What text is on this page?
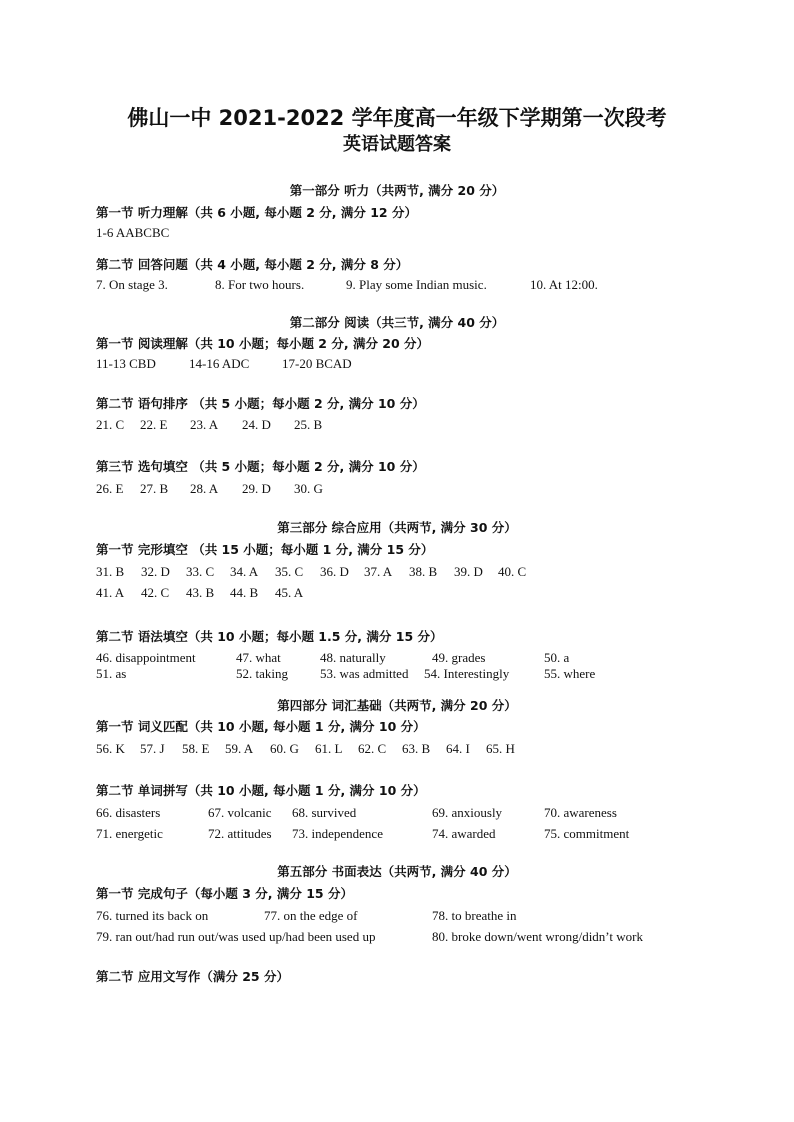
佛山一中 2021-2022 学年度高一年级下学期第一次段考
英语试题答案
第一部分 听力（共两节, 满分 20 分）
第一节 听力理解（共 6 小题, 每小题 2 分, 满分 12 分）
1-6 AABCBC
第二节 回答问题（共 4 小题, 每小题 2 分, 满分 8 分）
7. On stage 3.	8. For two hours.	9. Play some Indian music.	10. At 12:00.
第二部分 阅读（共三节, 满分 40 分）
第一节 阅读理解（共 10 小题；每小题 2 分, 满分 20 分）
11-13 CBD	14-16 ADC	17-20 BCAD
第二节 语句排序 （共 5 小题；每小题 2 分, 满分 10 分）
21. C 22. E 23. A 24. D 25. B
第三节 选句填空 （共 5 小题；每小题 2 分, 满分 10 分）
26. E 27. B 28. A 29. D 30. G
第三部分 综合应用（共两节, 满分 30 分）
第一节 完形填空 （共 15 小题；每小题 1 分, 满分 15 分）
31. B 32. D 33. C 34. A 35. C 36. D 37. A 38. B 39. D 40. C
41. A 42. C 43. B 44. B 45. A
第二节 语法填空（共 10 小题；每小题 1.5 分, 满分 15 分）
46. disappointment	47. what	48. naturally	49. grades	50. a
51. as	52. taking 53. was admitted 54. Interestingly	55. where
第四部分 词汇基础（共两节, 满分 20 分）
第一节 词义匹配（共 10 小题, 每小题 1 分, 满分 10 分）
56. K 57. J 58. E 59. A 60. G 61. L 62. C 63. B 64. I 65. H
第二节 单词拼写（共 10 小题, 每小题 1 分, 满分 10 分）
66. disasters	67. volcanic 68. survived	69. anxiously	70. awareness
71. energetic	72. attitudes 73. independence	74. awarded	75. commitment
第五部分 书面表达（共两节, 满分 40 分）
第一节 完成句子（每小题 3 分, 满分 15 分）
76. turned its back on	77. on the edge of	78. to breathe in
79. ran out/had run out/was used up/had been used up	80. broke down/went wrong/didn’t work
第二节 应用文写作（满分 25 分）
